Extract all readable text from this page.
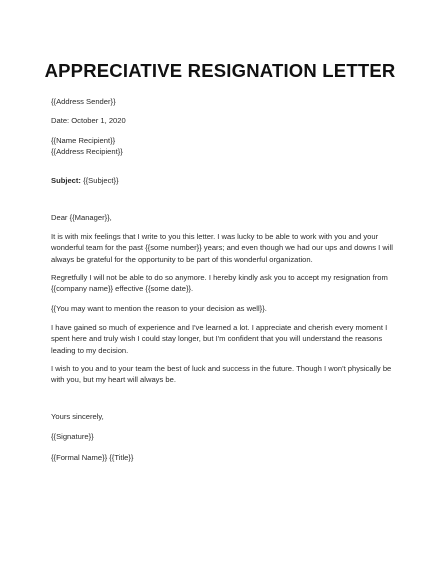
APPRECIATIVE RESIGNATION LETTER

{{Address Sender}}

Date: October 1, 2020

{{Name Recipient}}

{{Address Recipient}}

Subject: {{Subject}}

Dear {{Manager}},

It is with mix feelings that I write to you this letter. I was lucky to be able to work with you and your
wonderful team for the past {{some number}} years; and even though we had our ups and downs I will
always be grateful for the opportunity to be part of this wonderful organization.
Regretfully I will not be able to do so anymore. I hereby kindly ask you to accept my resignation from
{{company name}} effective {{some date}}.

{{You may want to mention the reason to your decision as well}}.

I have gained so much of experience and I've learned a lot. I appreciate and cherish every moment I
spent here and truly wish I could stay longer, but I'm confident that you will understand the reasons
leading to my decision.
I wish to you and to your team the best of luck and success in the future. Though I won't physically be
with you, but my heart will always be.

Yours sincerely,

{{Signature}}

{{Formal Name}} {{Title}}
